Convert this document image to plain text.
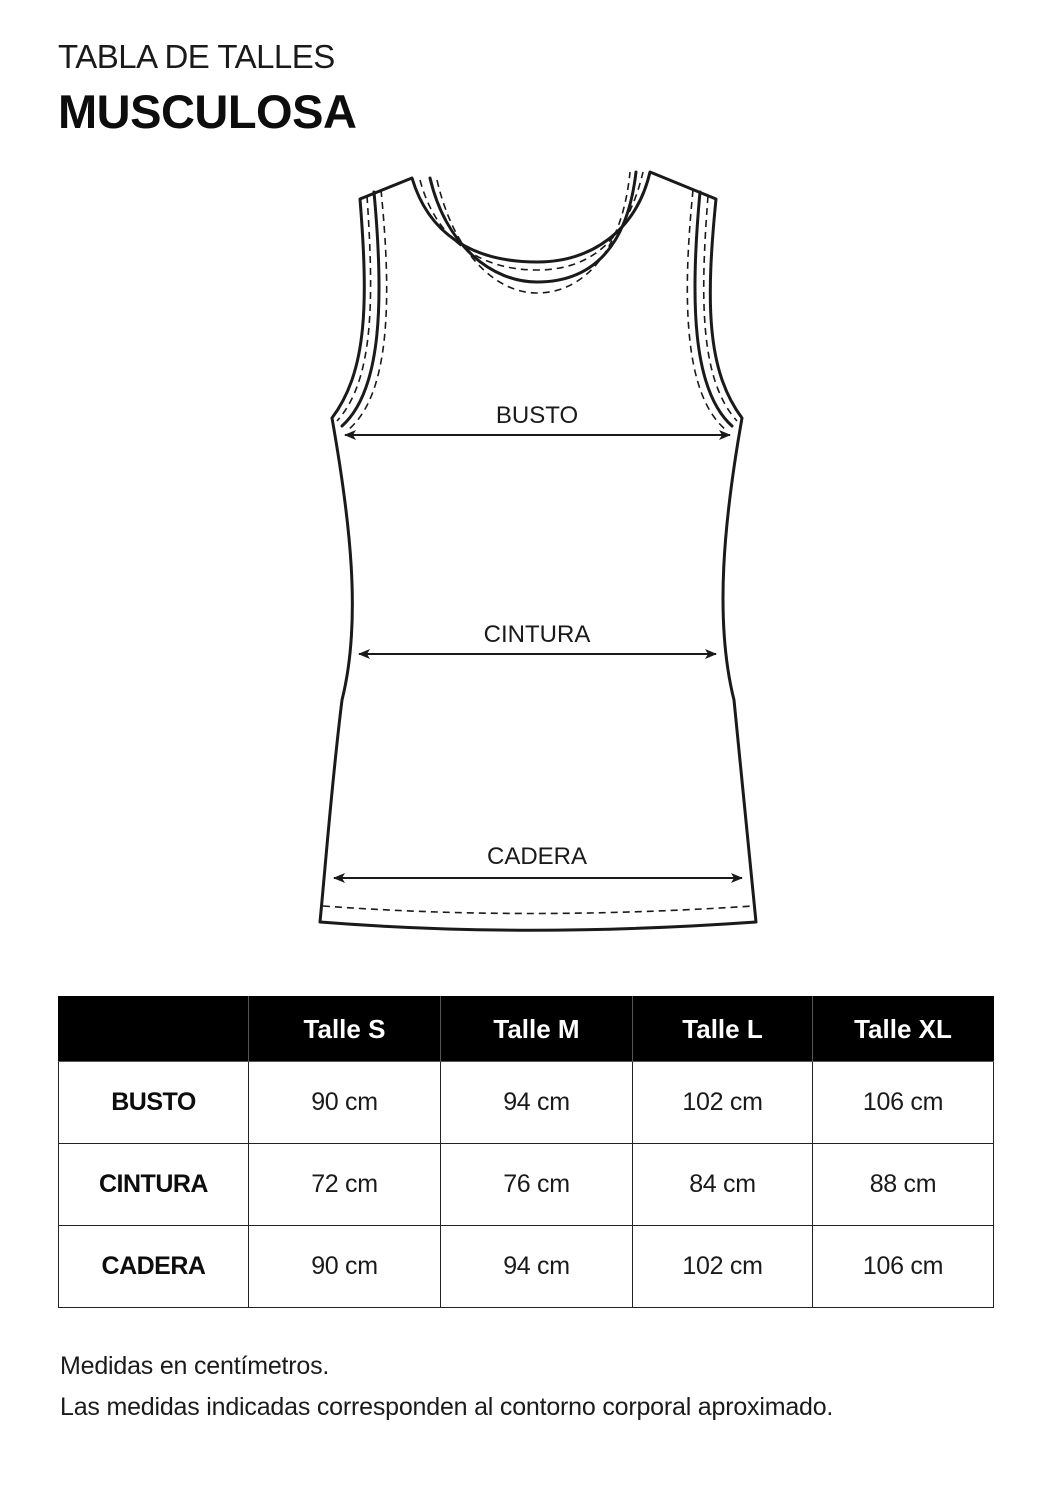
TABLA DE TALLES
MUSCULOSA
BUSTO
CINTURA
CADERA
	Talle S	Talle M	Talle L	Talle XL
BUSTO	90 cm	94 cm	102 cm	106 cm
CINTURA	72 cm	76 cm	84 cm	88 cm
CADERA	90 cm	94 cm	102 cm	106 cm
Medidas en centímetros.
Las medidas indicadas corresponden al contorno corporal aproximado.
